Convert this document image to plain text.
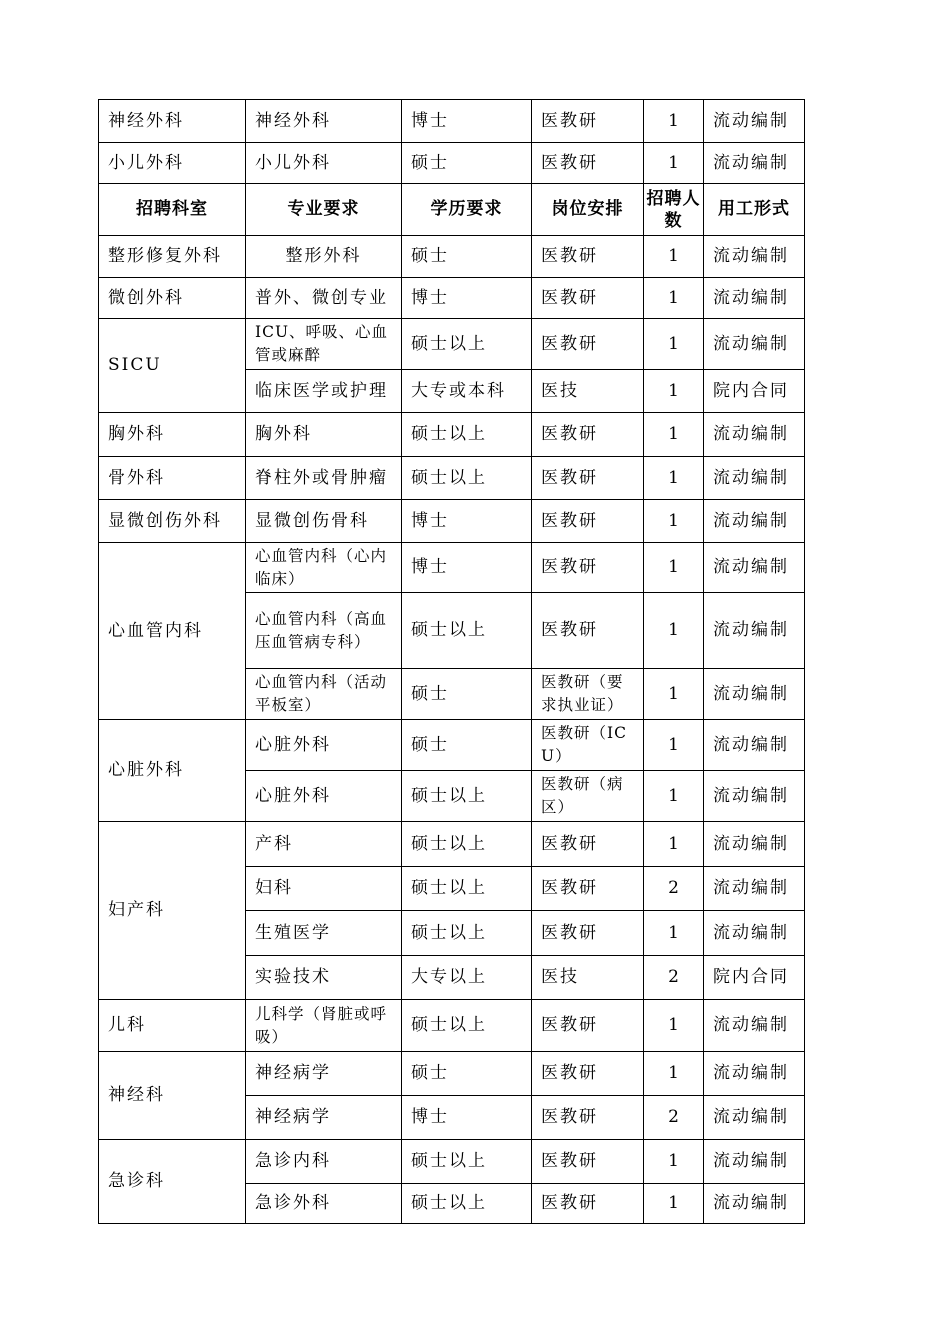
神经外科	神经外科	博士	医教研	1	流动编制
小儿外科	小儿外科	硕士	医教研	1	流动编制
招聘科室	专业要求	学历要求	岗位安排	招聘人数	用工形式
整形修复外科	整形外科	硕士	医教研	1	流动编制
微创外科	普外、微创专业	博士	医教研	1	流动编制
SICU	ICU、呼吸、心血管或麻醉	硕士以上	医教研	1	流动编制
	临床医学或护理	大专或本科	医技	1	院内合同
胸外科	胸外科	硕士以上	医教研	1	流动编制
骨外科	脊柱外或骨肿瘤	硕士以上	医教研	1	流动编制
显微创伤外科	显微创伤骨科	博士	医教研	1	流动编制
心血管内科	心血管内科（心内临床）	博士	医教研	1	流动编制
	心血管内科（高血压血管病专科）	硕士以上	医教研	1	流动编制
	心血管内科（活动平板室）	硕士	医教研（要求执业证）	1	流动编制
心脏外科	心脏外科	硕士	医教研（ICU）	1	流动编制
	心脏外科	硕士以上	医教研（病区）	1	流动编制
妇产科	产科	硕士以上	医教研	1	流动编制
	妇科	硕士以上	医教研	2	流动编制
	生殖医学	硕士以上	医教研	1	流动编制
	实验技术	大专以上	医技	2	院内合同
儿科	儿科学（肾脏或呼吸）	硕士以上	医教研	1	流动编制
神经科	神经病学	硕士	医教研	1	流动编制
	神经病学	博士	医教研	2	流动编制
急诊科	急诊内科	硕士以上	医教研	1	流动编制
	急诊外科	硕士以上	医教研	1	流动编制
